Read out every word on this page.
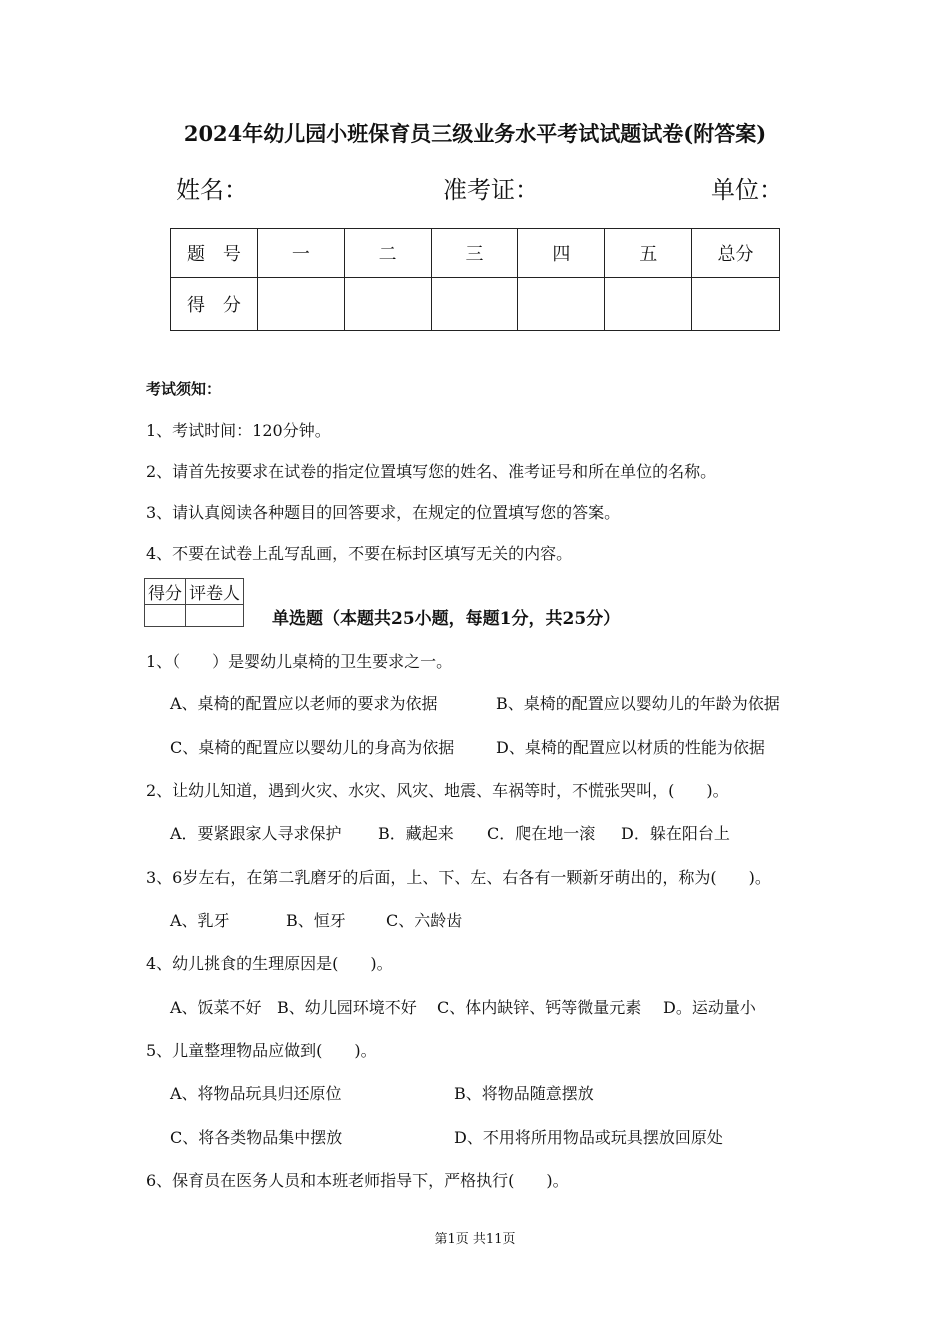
2024年幼儿园小班保育员三级业务水平考试试题试卷(附答案)
姓名：	准考证：	单位：
题　号	一	二	三	四	五	总分
得　分						
考试须知：
1、考试时间：120分钟。
2、请首先按要求在试卷的指定位置填写您的姓名、准考证号和所在单位的名称。
3、请认真阅读各种题目的回答要求，在规定的位置填写您的答案。
4、不要在试卷上乱写乱画，不要在标封区填写无关的内容。
得分	评卷人

单选题（本题共25小题，每题1分，共25分）
1、（　　）是婴幼儿桌椅的卫生要求之一。
A、桌椅的配置应以老师的要求为依据	B、桌椅的配置应以婴幼儿的年龄为依据
C、桌椅的配置应以婴幼儿的身高为依据	D、桌椅的配置应以材质的性能为依据
2、让幼儿知道，遇到火灾、水灾、风灾、地震、车祸等时，不慌张哭叫，(　　)。
A．要紧跟家人寻求保护 B．藏起来 C．爬在地一滚 D．躲在阳台上
3、6岁左右，在第二乳磨牙的后面，上、下、左、右各有一颗新牙萌出的，称为(　　)。
A、乳牙	B、恒牙	C、六龄齿
4、幼儿挑食的生理原因是(　　)。
A、饭菜不好 B、幼儿园环境不好 C、体内缺锌、钙等微量元素 D。运动量小
5、儿童整理物品应做到(　　)。
A、将物品玩具归还原位	B、将物品随意摆放
C、将各类物品集中摆放	D、不用将所用物品或玩具摆放回原处
6、保育员在医务人员和本班老师指导下，严格执行(　　)。
第1页 共11页
